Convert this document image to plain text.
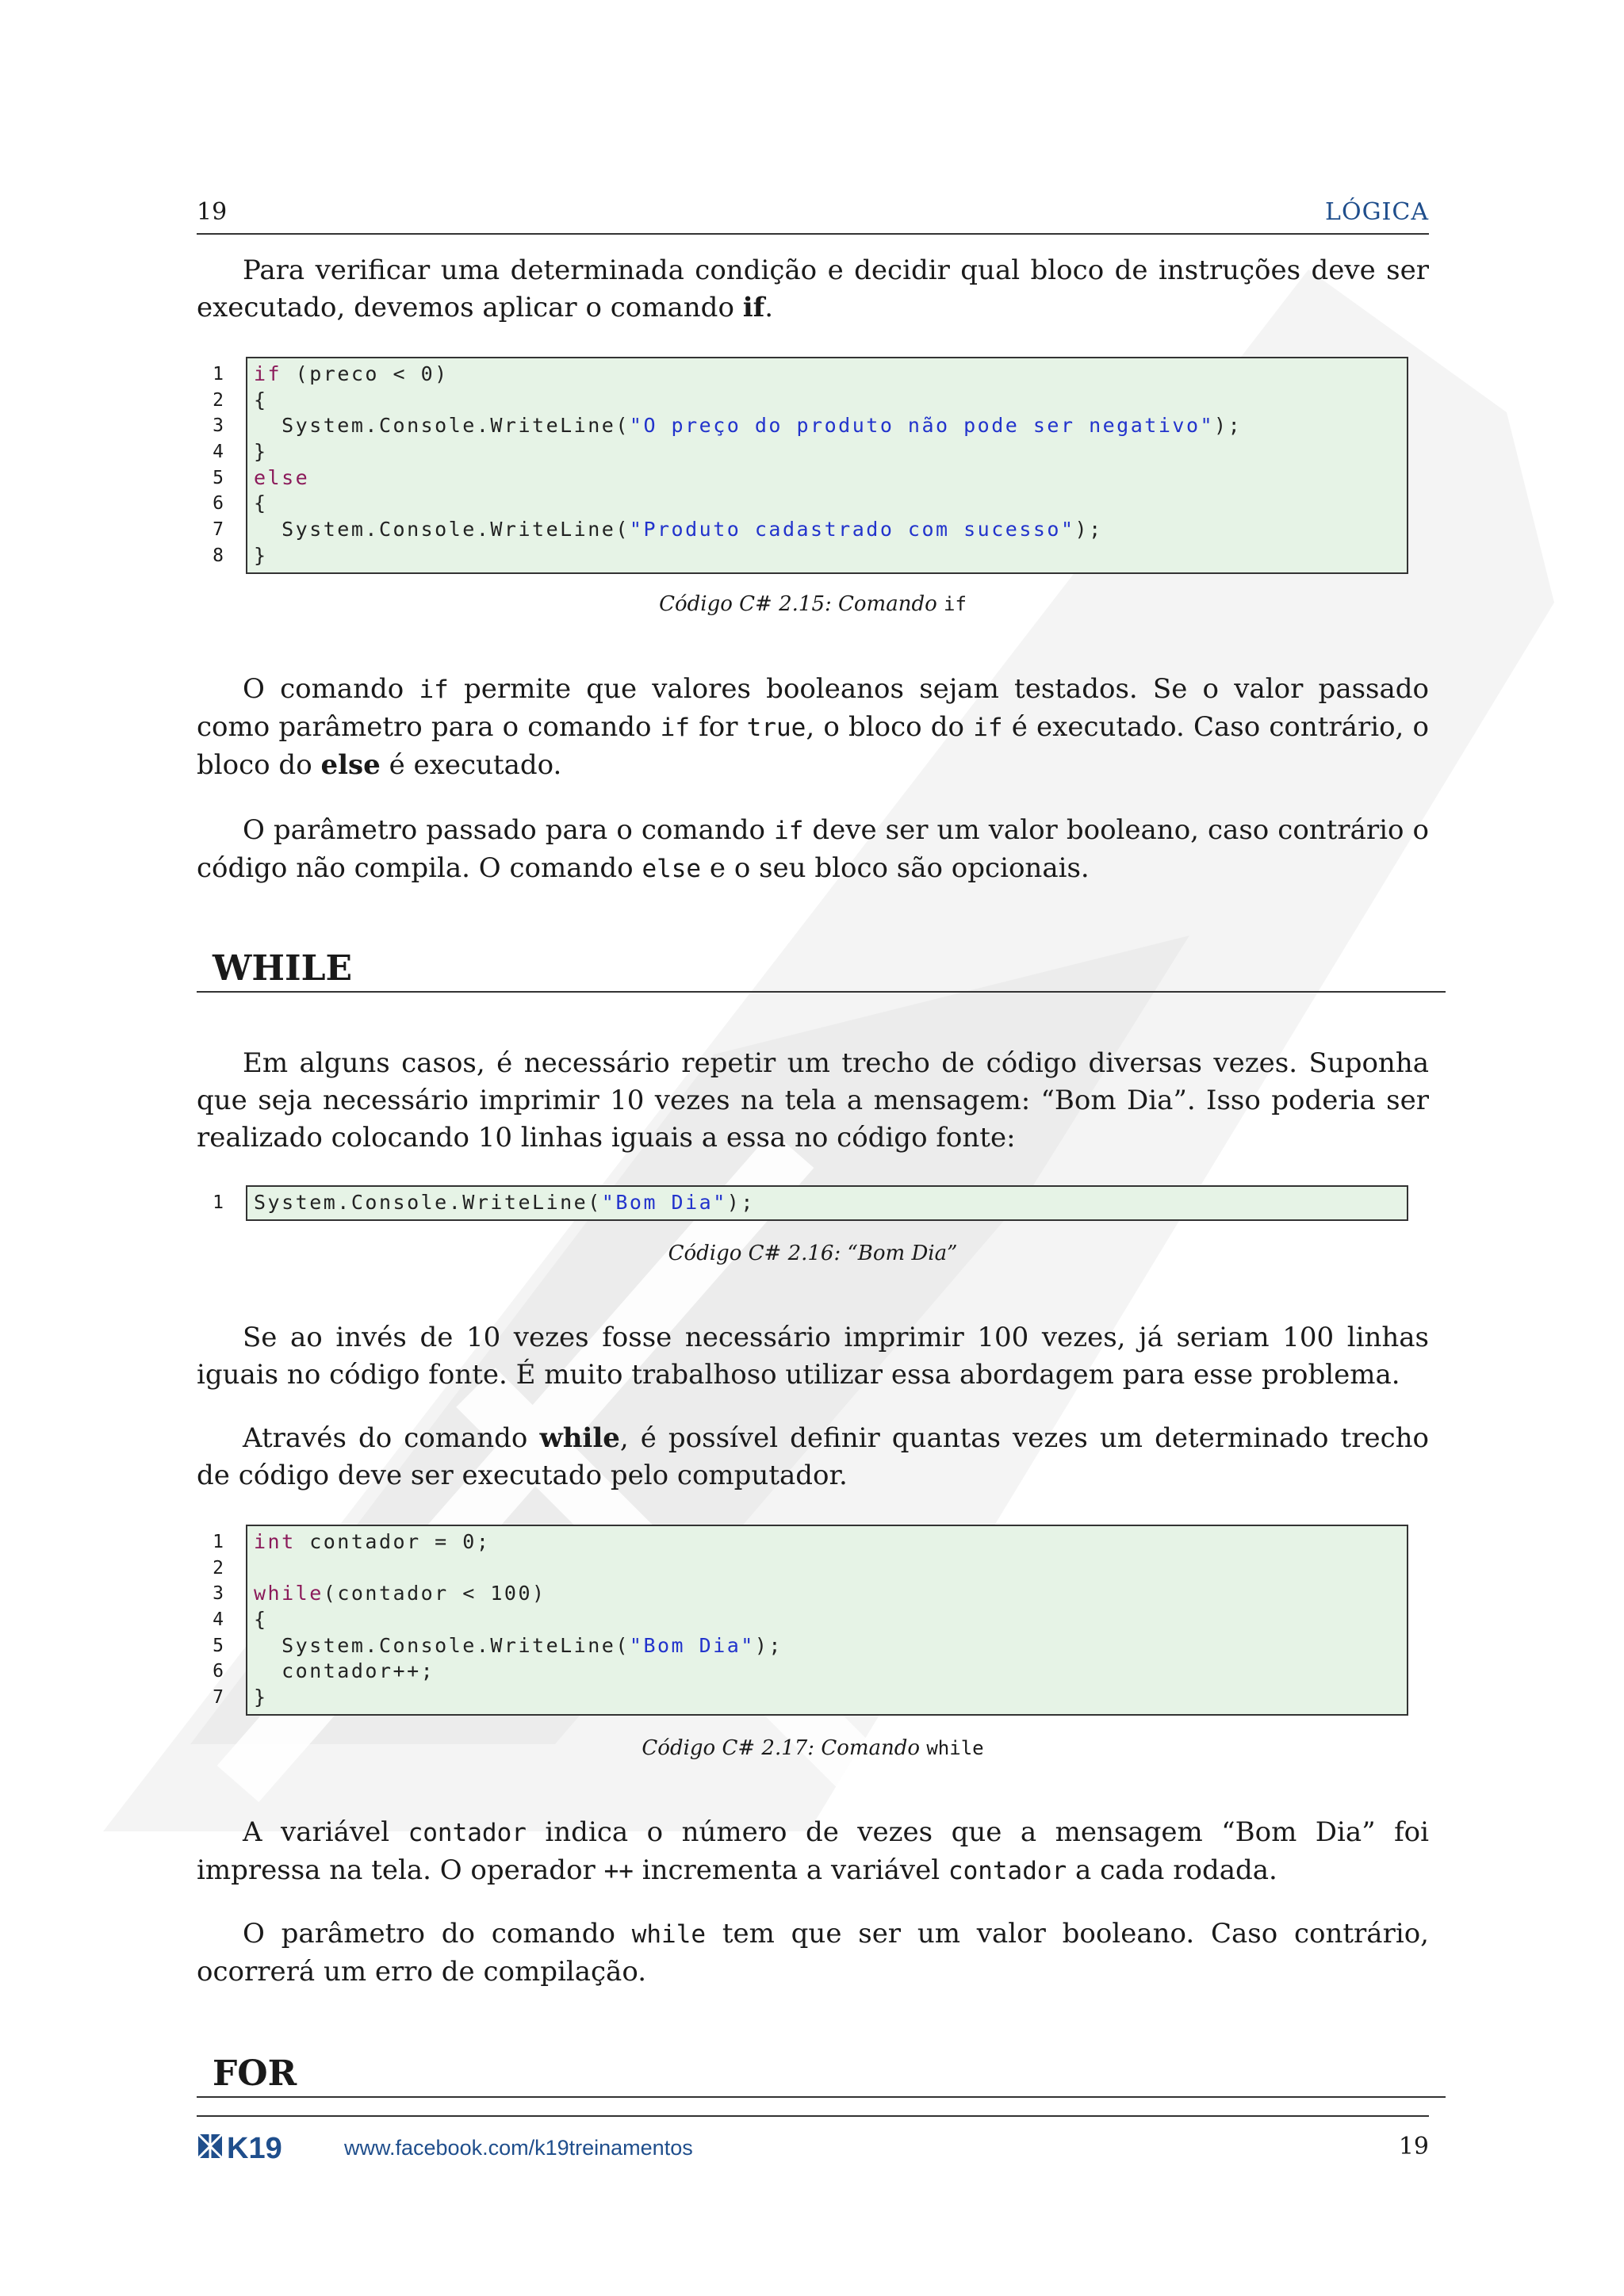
19	LÓGICA

Para verificar uma determinada condição e decidir qual bloco de instruções deve ser executado, devemos aplicar o comando if.

1
2
3
4
5
6
7
8
if (preco < 0)
{
System.Console.WriteLine("O preço do produto não pode ser negativo");
}
else
{
System.Console.WriteLine("Produto cadastrado com sucesso");
}
Código C# 2.15: Comando if

O comando if permite que valores booleanos sejam testados. Se o valor passado como parâmetro para o comando if for true, o bloco do if é executado. Caso contrário, o bloco do else é executado.

O parâmetro passado para o comando if deve ser um valor booleano, caso contrário o código não compila. O comando else e o seu bloco são opcionais.

WHILE

Em alguns casos, é necessário repetir um trecho de código diversas vezes. Suponha que seja necessário imprimir 10 vezes na tela a mensagem: “Bom Dia”. Isso poderia ser realizado colocando 10 linhas iguais a essa no código fonte:

1 System.Console.WriteLine("Bom Dia");
Código C# 2.16: “Bom Dia”

Se ao invés de 10 vezes fosse necessário imprimir 100 vezes, já seriam 100 linhas iguais no código fonte. É muito trabalhoso utilizar essa abordagem para esse problema.

Através do comando while, é possível definir quantas vezes um determinado trecho de código deve ser executado pelo computador.

1
2
3
4
5
6
7
int contador = 0;
while(contador < 100)
{
System.Console.WriteLine("Bom Dia");
contador++;
}
Código C# 2.17: Comando while

A variável contador indica o número de vezes que a mensagem “Bom Dia” foi impressa na tela. O operador ++ incrementa a variável contador a cada rodada.

O parâmetro do comando while tem que ser um valor booleano. Caso contrário, ocorrerá um erro de compilação.

FOR
K19	www.facebook.com/k19treinamentos	19
